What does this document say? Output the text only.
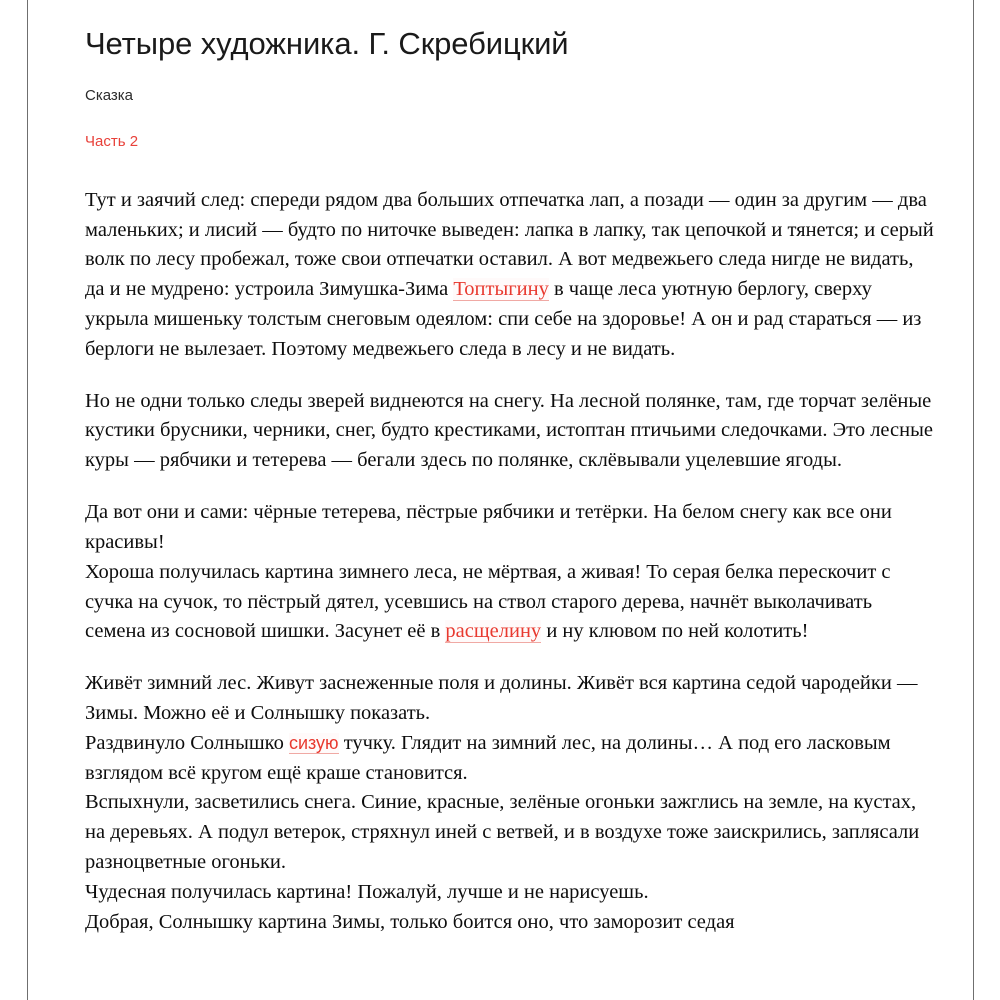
Четыре художника. Г. Скребицкий
Сказка
Часть 2
Тут и заячий след: спереди рядом два больших отпечатка лап, а позади — один за другим — два маленьких; и лисий — будто по ниточке выведен: лапка в лапку, так цепочкой и тянется; и серый волк по лесу пробежал, тоже свои отпечатки оставил. А вот медвежьего следа нигде не видать, да и не мудрено: устроила Зимушка-Зима Топтыгину в чаще леса уютную берлогу, сверху укрыла мишеньку толстым снеговым одеялом: спи себе на здоровье! А он и рад стараться — из берлоги не вылезает. Поэтому медвежьего следа в лесу и не видать.
Но не одни только следы зверей виднеются на снегу. На лесной полянке, там, где торчат зелёные кустики брусники, черники, снег, будто крестиками, истоптан птичьими следочками. Это лесные куры — рябчики и тетерева — бегали здесь по полянке, склёвывали уцелевшие ягоды.
Да вот они и сами: чёрные тетерева, пёстрые рябчики и тетёрки. На белом снегу как все они красивы!
Хороша получилась картина зимнего леса, не мёртвая, а живая! То серая белка перескочит с сучка на сучок, то пёстрый дятел, усевшись на ствол старого дерева, начнёт выколачивать семена из сосновой шишки. Засунет её в расщелину и ну клювом по ней колотить!
Живёт зимний лес. Живут заснеженные поля и долины. Живёт вся картина седой чародейки — Зимы. Можно её и Солнышку показать.
Раздвинуло Солнышко сизую тучку. Глядит на зимний лес, на долины… А под его ласковым взглядом всё кругом ещё краше становится.
Вспыхнули, засветились снега. Синие, красные, зелёные огоньки зажглись на земле, на кустах, на деревьях. А подул ветерок, стряхнул иней с ветвей, и в воздухе тоже заискрились, заплясали разноцветные огоньки.
Чудесная получилась картина! Пожалуй, лучше и не нарисуешь.
Добрая, Солнышку картина Зимы, только боится оно, что заморозит седая
